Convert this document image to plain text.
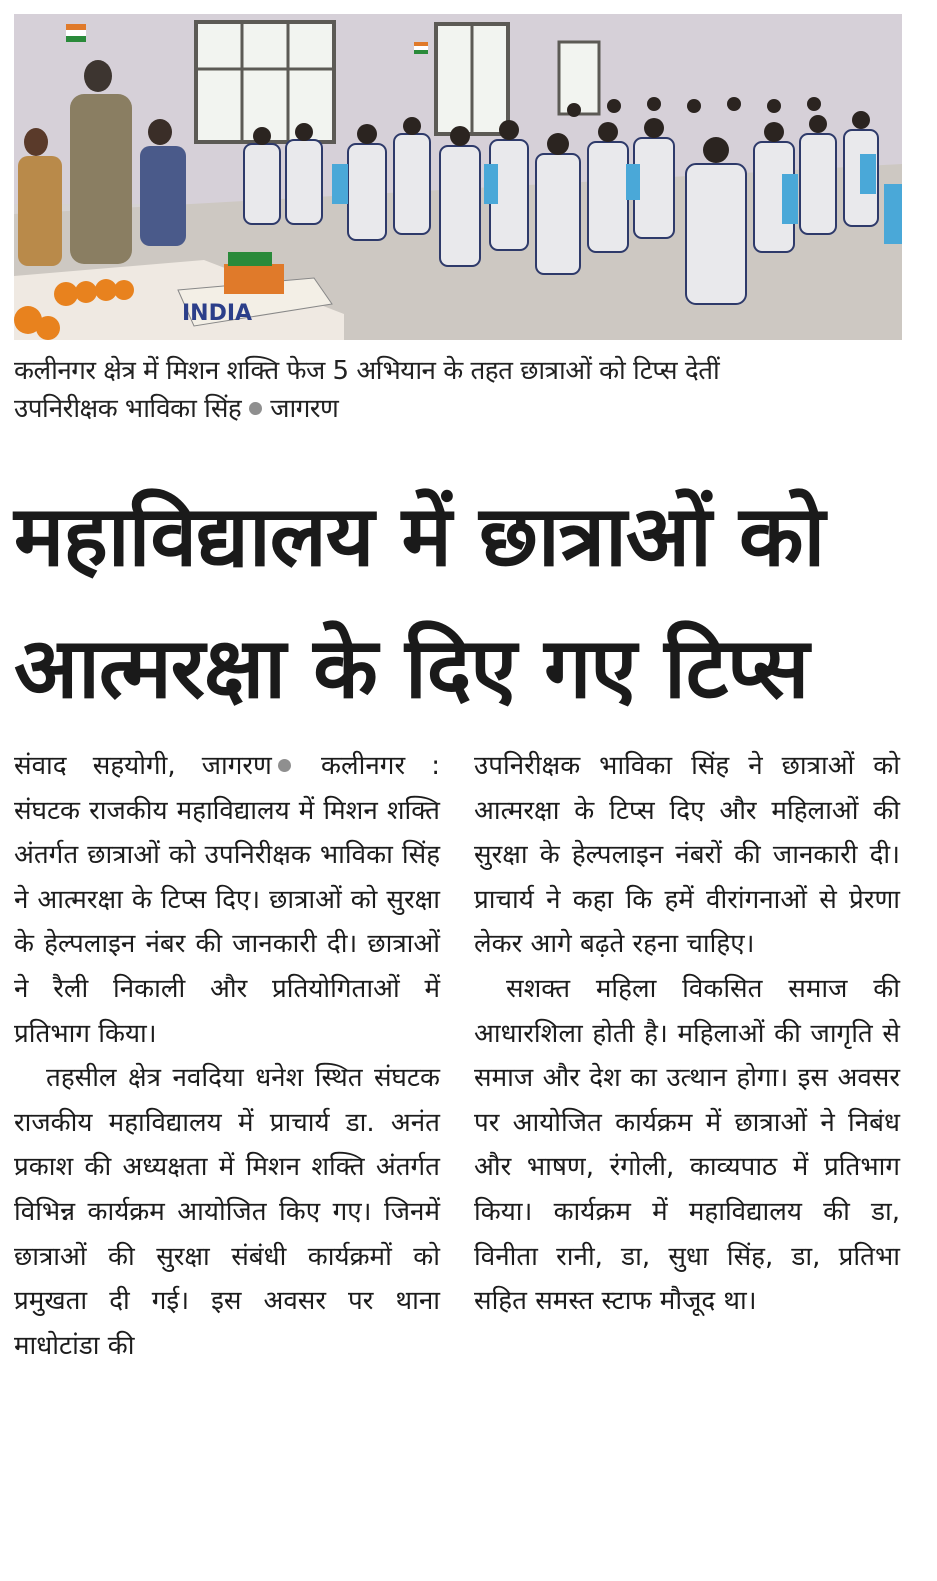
INDIA
कलीनगर क्षेत्र में मिशन शक्ति फेज 5 अभियान के तहत छात्राओं को टिप्स देतीं
उपनिरीक्षक भाविका सिंह जागरण
महाविद्यालय में छात्राओं को
आत्मरक्षा के दिए गए टिप्स

संवाद सहयोगी, जागरण कलीनगर : संघटक राजकीय महाविद्यालय में मिशन शक्ति अंतर्गत छात्राओं को उपनिरीक्षक भाविका सिंह ने आत्मरक्षा के टिप्स दिए। छात्राओं को सुरक्षा के हेल्पलाइन नंबर की जानकारी दी। छात्राओं ने रैली निकाली और प्रतियोगिताओं में प्रतिभाग किया।

तहसील क्षेत्र नवदिया धनेश स्थित संघटक राजकीय महाविद्यालय में प्राचार्य डा. अनंत प्रकाश की अध्यक्षता में मिशन शक्ति अंतर्गत विभिन्न कार्यक्रम आयोजित किए गए। जिनमें छात्राओं की सुरक्षा संबंधी कार्यक्रमों को प्रमुखता दी गई। इस अवसर पर थाना माधोटांडा की

उपनिरीक्षक भाविका सिंह ने छात्राओं को आत्मरक्षा के टिप्स दिए और महिलाओं की सुरक्षा के हेल्पलाइन नंबरों की जानकारी दी। प्राचार्य ने कहा कि हमें वीरांगनाओं से प्रेरणा लेकर आगे बढ़ते रहना चाहिए।

सशक्त महिला विकसित समाज की आधारशिला होती है। महिलाओं की जागृति से समाज और देश का उत्थान होगा। इस अवसर पर आयोजित कार्यक्रम में छात्राओं ने निबंध और भाषण, रंगोली, काव्यपाठ में प्रतिभाग किया। कार्यक्रम में महाविद्यालय की डा, विनीता रानी, डा, सुधा सिंह, डा, प्रतिभा सहित समस्त स्टाफ मौजूद था।
